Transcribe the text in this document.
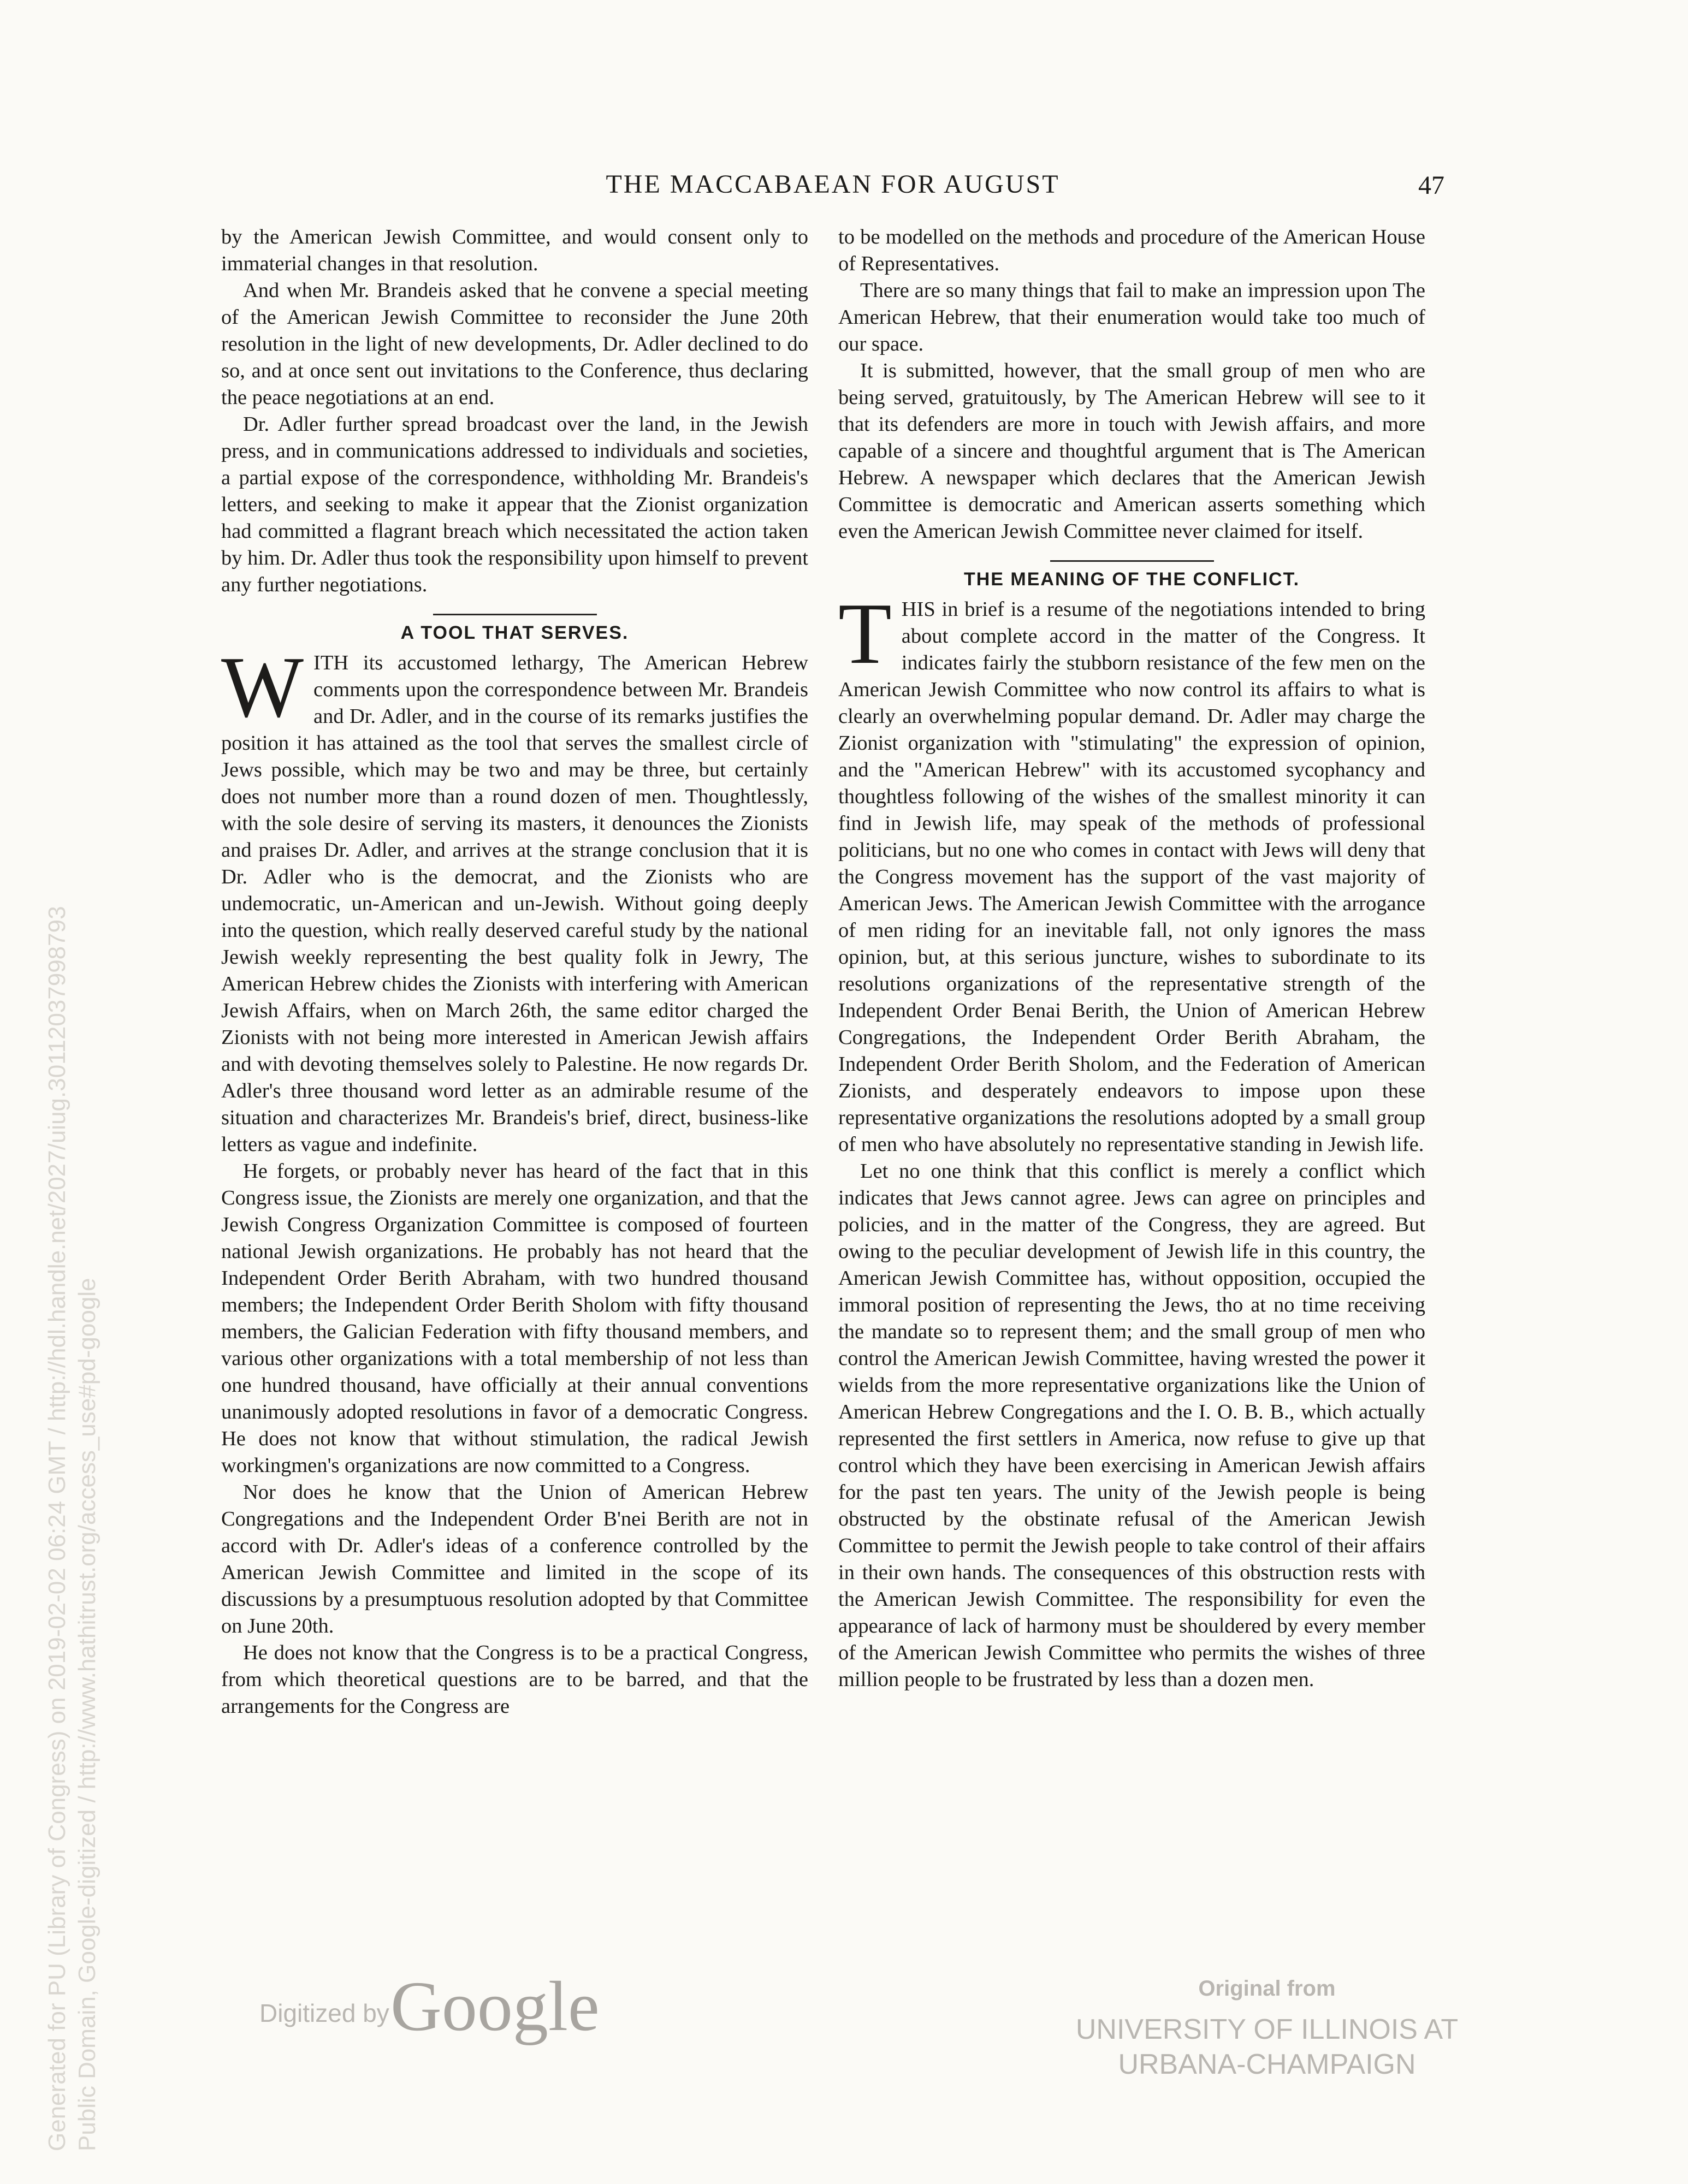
THE MACCABAEAN FOR AUGUST	47

by the American Jewish Committee, and would consent only to immaterial changes in that resolution.

And when Mr. Brandeis asked that he convene a special meeting of the American Jewish Committee to reconsider the June 20th resolution in the light of new developments, Dr. Adler declined to do so, and at once sent out invitations to the Conference, thus declaring the peace negotiations at an end.

Dr. Adler further spread broadcast over the land, in the Jewish press, and in communications addressed to individuals and societies, a partial expose of the correspondence, withholding Mr. Brandeis's letters, and seeking to make it appear that the Zionist organization had committed a flagrant breach which necessitated the action taken by him. Dr. Adler thus took the responsibility upon himself to prevent any further negotiations.

A TOOL THAT SERVES.

WITH its accustomed lethargy, The American Hebrew comments upon the correspondence between Mr. Brandeis and Dr. Adler, and in the course of its remarks justifies the position it has attained as the tool that serves the smallest circle of Jews possible, which may be two and may be three, but certainly does not number more than a round dozen of men. Thoughtlessly, with the sole desire of serving its masters, it denounces the Zionists and praises Dr. Adler, and arrives at the strange conclusion that it is Dr. Adler who is the democrat, and the Zionists who are undemocratic, un-American and un-Jewish. Without going deeply into the question, which really deserved careful study by the national Jewish weekly representing the best quality folk in Jewry, The American Hebrew chides the Zionists with interfering with American Jewish Affairs, when on March 26th, the same editor charged the Zionists with not being more interested in American Jewish affairs and with devoting themselves solely to Palestine. He now regards Dr. Adler's three thousand word letter as an admirable resume of the situation and characterizes Mr. Brandeis's brief, direct, business-like letters as vague and indefinite.

He forgets, or probably never has heard of the fact that in this Congress issue, the Zionists are merely one organization, and that the Jewish Congress Organization Committee is composed of fourteen national Jewish organizations. He probably has not heard that the Independent Order Berith Abraham, with two hundred thousand members; the Independent Order Berith Sholom with fifty thousand members, the Galician Federation with fifty thousand members, and various other organizations with a total membership of not less than one hundred thousand, have officially at their annual conventions unanimously adopted resolutions in favor of a democratic Congress. He does not know that without stimulation, the radical Jewish workingmen's organizations are now committed to a Congress.

Nor does he know that the Union of American Hebrew Congregations and the Independent Order B'nei Berith are not in accord with Dr. Adler's ideas of a conference controlled by the American Jewish Committee and limited in the scope of its discussions by a presumptuous resolution adopted by that Committee on June 20th.

He does not know that the Congress is to be a practical Congress, from which theoretical questions are to be barred, and that the arrangements for the Congress are

to be modelled on the methods and procedure of the American House of Representatives.

There are so many things that fail to make an impression upon The American Hebrew, that their enumeration would take too much of our space.

It is submitted, however, that the small group of men who are being served, gratuitously, by The American Hebrew will see to it that its defenders are more in touch with Jewish affairs, and more capable of a sincere and thoughtful argument that is The American Hebrew. A newspaper which declares that the American Jewish Committee is democratic and American asserts something which even the American Jewish Committee never claimed for itself.

THE MEANING OF THE CONFLICT.

THIS in brief is a resume of the negotiations intended to bring about complete accord in the matter of the Congress. It indicates fairly the stubborn resistance of the few men on the American Jewish Committee who now control its affairs to what is clearly an overwhelming popular demand. Dr. Adler may charge the Zionist organization with "stimulating" the expression of opinion, and the "American Hebrew" with its accustomed sycophancy and thoughtless following of the wishes of the smallest minority it can find in Jewish life, may speak of the methods of professional politicians, but no one who comes in contact with Jews will deny that the Congress movement has the support of the vast majority of American Jews. The American Jewish Committee with the arrogance of men riding for an inevitable fall, not only ignores the mass opinion, but, at this serious juncture, wishes to subordinate to its resolutions organizations of the representative strength of the Independent Order Benai Berith, the Union of American Hebrew Congregations, the Independent Order Berith Abraham, the Independent Order Berith Sholom, and the Federation of American Zionists, and desperately endeavors to impose upon these representative organizations the resolutions adopted by a small group of men who have absolutely no representative standing in Jewish life.

Let no one think that this conflict is merely a conflict which indicates that Jews cannot agree. Jews can agree on principles and policies, and in the matter of the Congress, they are agreed. But owing to the peculiar development of Jewish life in this country, the American Jewish Committee has, without opposition, occupied the immoral position of representing the Jews, tho at no time receiving the mandate so to represent them; and the small group of men who control the American Jewish Committee, having wrested the power it wields from the more representative organizations like the Union of American Hebrew Congregations and the I. O. B. B., which actually represented the first settlers in America, now refuse to give up that control which they have been exercising in American Jewish affairs for the past ten years. The unity of the Jewish people is being obstructed by the obstinate refusal of the American Jewish Committee to permit the Jewish people to take control of their affairs in their own hands. The consequences of this obstruction rests with the American Jewish Committee. The responsibility for even the appearance of lack of harmony must be shouldered by every member of the American Jewish Committee who permits the wishes of three million people to be frustrated by less than a dozen men.

Generated for PU (Library of Congress) on 2019-02-02 06:24 GMT / http://hdl.handle.net/2027/uiug.30112037998793 Public Domain, Google-digitized / http://www.hathitrust.org/access_use#pd-google	Digitized by Google	Original from
UNIVERSITY OF ILLINOIS AT
URBANA-CHAMPAIGN
